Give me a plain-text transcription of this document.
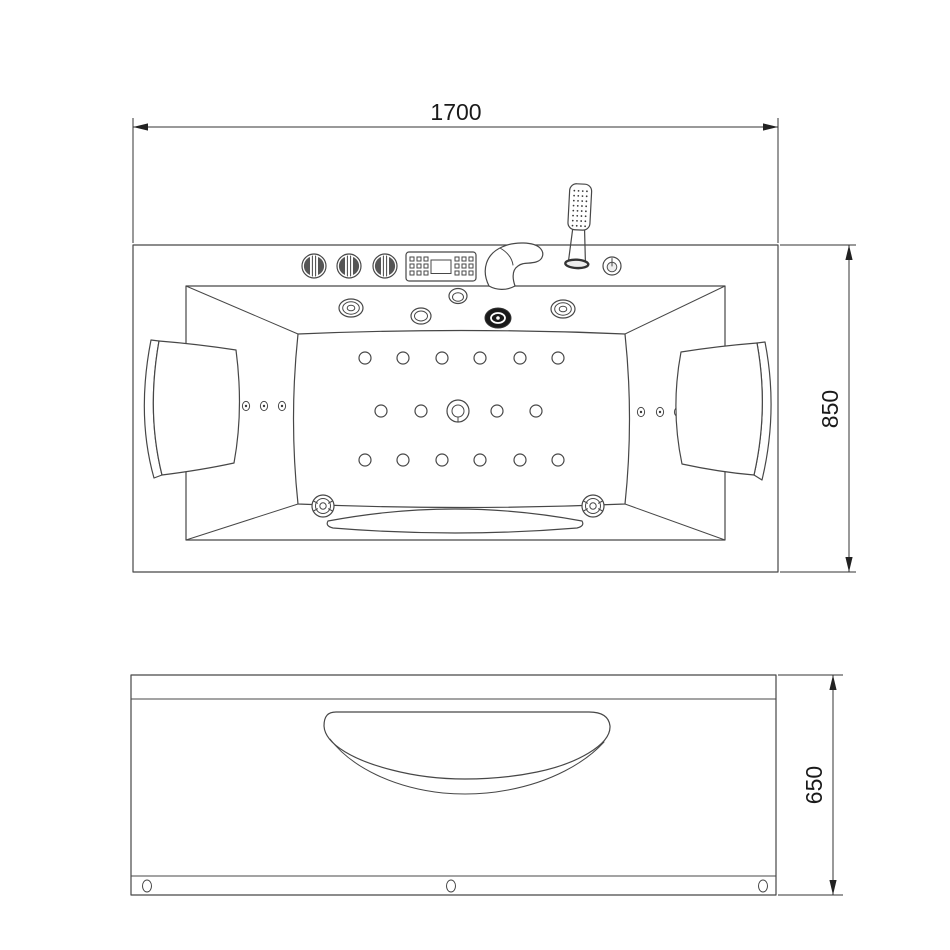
1700
850
650
